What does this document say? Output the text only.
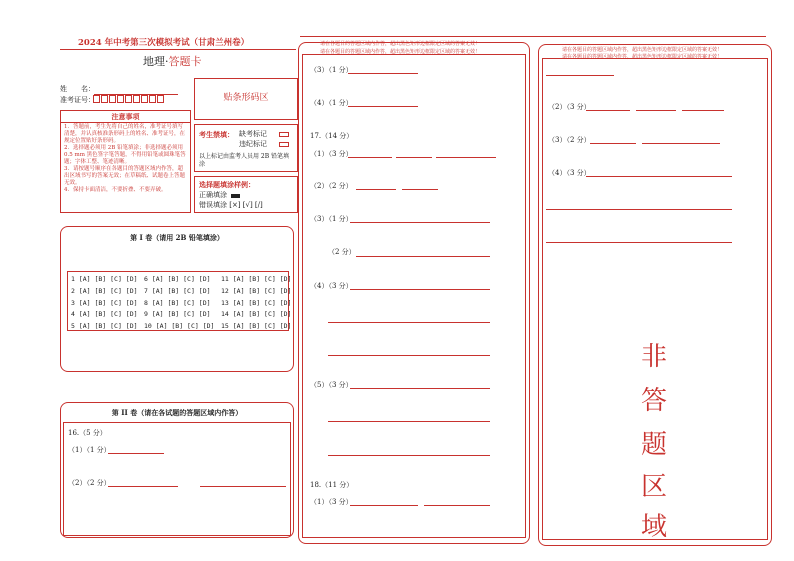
2024 年中考第三次模拟考试（甘肃兰州卷）
地理·答题卡
姓　　名：
准考证号：	贴条形码区
注意事项
1．答题前，考生先将自己的姓名，准考证号填写清楚，并认真核准条形码上的姓名、准考证号，在规定位置贴好条形码。
2．选择题必须用 2B 铅笔填涂；非选择题必须用 0.5 mm 黑色签字笔答题，不得用铅笔或圆珠笔答题；字体工整、笔迹清晰。
3．请按题号顺序在各题目的答题区域内作答，超出区域书写的答案无效；在草稿纸、试题卷上答题无效。
4．保持卡面清洁，不要折叠、不要弄破。
考生禁填： 缺考标记
违纪标记
以上标记由监考人员用 2B 铅笔填涂
选择题填涂样例：
正确填涂
错误填涂 [×] [√] [/]
第 I 卷（请用 2B 铅笔填涂）
1 [A] [B] [C] [D]
2 [A] [B] [C] [D]
3 [A] [B] [C] [D]
4 [A] [B] [C] [D]
5 [A] [B] [C] [D]
6 [A] [B] [C] [D]
7 [A] [B] [C] [D]
8 [A] [B] [C] [D]
9 [A] [B] [C] [D]
10 [A] [B] [C] [D]
11 [A] [B] [C] [D]
12 [A] [B] [C] [D]
13 [A] [B] [C] [D]
14 [A] [B] [C] [D]
15 [A] [B] [C] [D]
第 II 卷（请在各试题的答题区域内作答）
16.（5 分）
（1）（1 分）
（2）（2 分）
请在各题目的答题区域内作答，超出黑色矩形边框限定区域的答案无效！
请在各题目的答题区域内作答，超出黑色矩形边框限定区域的答案无效！
（3）（1 分）
（4）（1 分）
17.（14 分）
（1）（3 分）
（2）（2 分）
（3）（1 分）
（2 分）
（4）（3 分）
（5）（3 分）
18.（11 分）
（1）（3 分）
请在各题目的答题区域内作答，超出黑色矩形边框限定区域的答案无效！
请在各题目的答题区域内作答，超出黑色矩形边框限定区域的答案无效！
（2）（3 分）
（3）（2 分）
（4）（3 分）
非
答
题
区
域
